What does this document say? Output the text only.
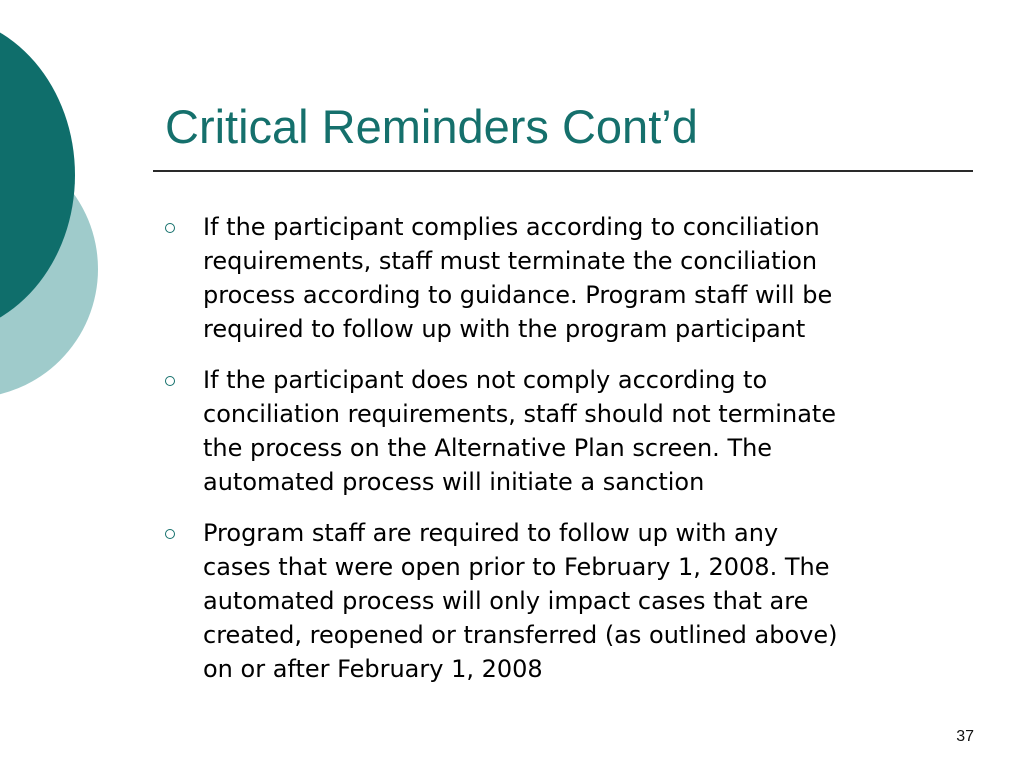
Critical Reminders Cont’d
If the participant complies according to conciliation
requirements, staff must terminate the conciliation
process according to guidance. Program staff will be
required to follow up with the program participant
If the participant does not comply according to
conciliation requirements, staff should not terminate
the process on the Alternative Plan screen. The
automated process will initiate a sanction
Program staff are required to follow up with any
cases that were open prior to February 1, 2008. The
automated process will only impact cases that are
created, reopened or transferred (as outlined above)
on or after February 1, 2008
37
